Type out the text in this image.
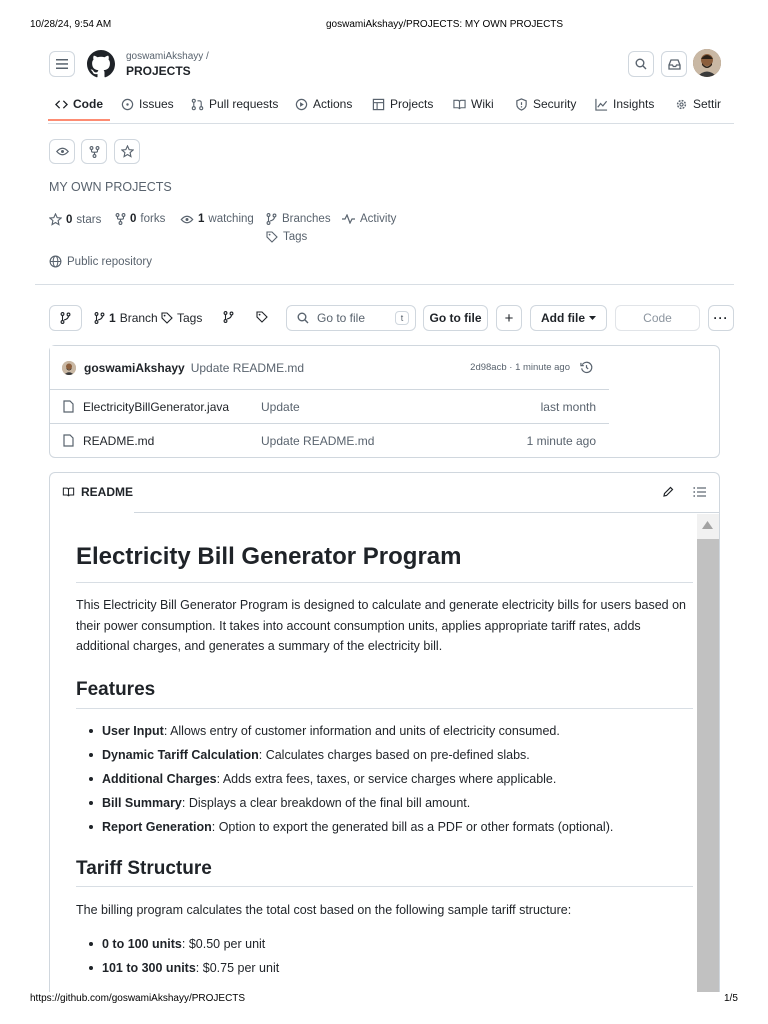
10/28/24, 9:54 AM	goswamiAkshayy/PROJECTS: MY OWN PROJECTS
https://github.com/goswamiAkshayy/PROJECTS	1/5
goswamiAkshayy /
PROJECTS
Code	Issues	Pull requests	Actions	Projects	Wiki	Security	Insights	Settir
MY OWN PROJECTS
0 stars 0 forks	1 watching Branches	Activity
Tags
Public repository
1 Branch Tags	Go to file	t	Go to file	+	Add file	Code	···
goswamiAkshayy Update README.md	2d98acb · 1 minute ago
ElectricityBillGenerator.java	Update	last month
README.md	Update README.md	1 minute ago
README
Electricity Bill Generator Program

This Electricity Bill Generator Program is designed to calculate and generate electricity bills for users based on their power consumption. It takes into account consumption units, applies appropriate tariff rates, adds additional charges, and generates a summary of the electricity bill.

Features
User Input: Allows entry of customer information and units of electricity consumed.
Dynamic Tariff Calculation: Calculates charges based on pre-defined slabs.
Additional Charges: Adds extra fees, taxes, or service charges where applicable.
Bill Summary: Displays a clear breakdown of the final bill amount.
Report Generation: Option to export the generated bill as a PDF or other formats (optional).
Tariff Structure

The billing program calculates the total cost based on the following sample tariff structure:

0 to 100 units: $0.50 per unit
101 to 300 units: $0.75 per unit
